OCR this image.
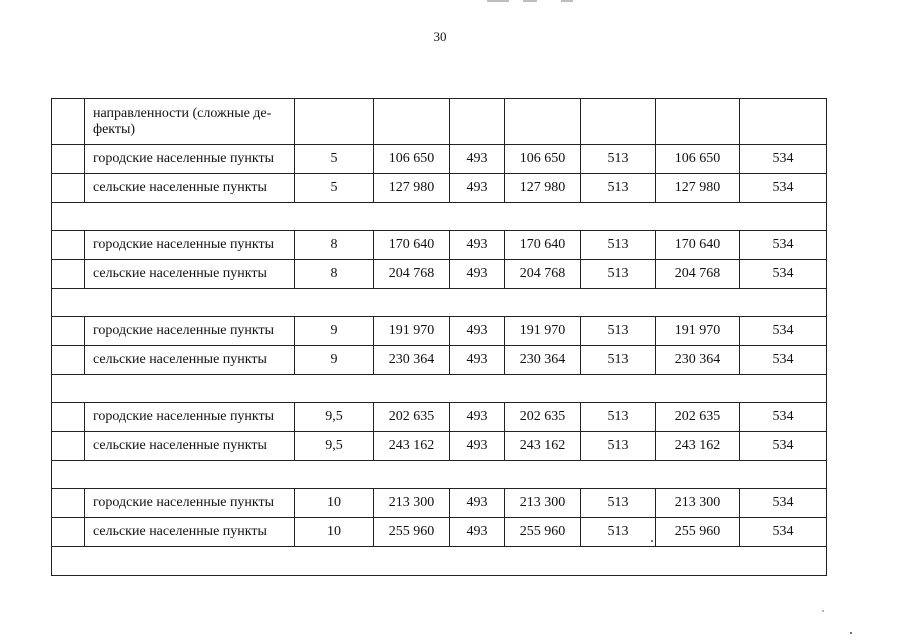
30
	направленности (сложные де-
фекты)							
	городские населенные пункты	5	106 650	493	106 650	513	106 650	534
	сельские населенные пункты	5	127 980	493	127 980	513	127 980	534

	городские населенные пункты	8	170 640	493	170 640	513	170 640	534
	сельские населенные пункты	8	204 768	493	204 768	513	204 768	534

	городские населенные пункты	9	191 970	493	191 970	513	191 970	534
	сельские населенные пункты	9	230 364	493	230 364	513	230 364	534

	городские населенные пункты	9,5	202 635	493	202 635	513	202 635	534
	сельские населенные пункты	9,5	243 162	493	243 162	513	243 162	534

	городские населенные пункты	10	213 300	493	213 300	513	213 300	534
	сельские населенные пункты	10	255 960	493	255 960	513	255 960	534
